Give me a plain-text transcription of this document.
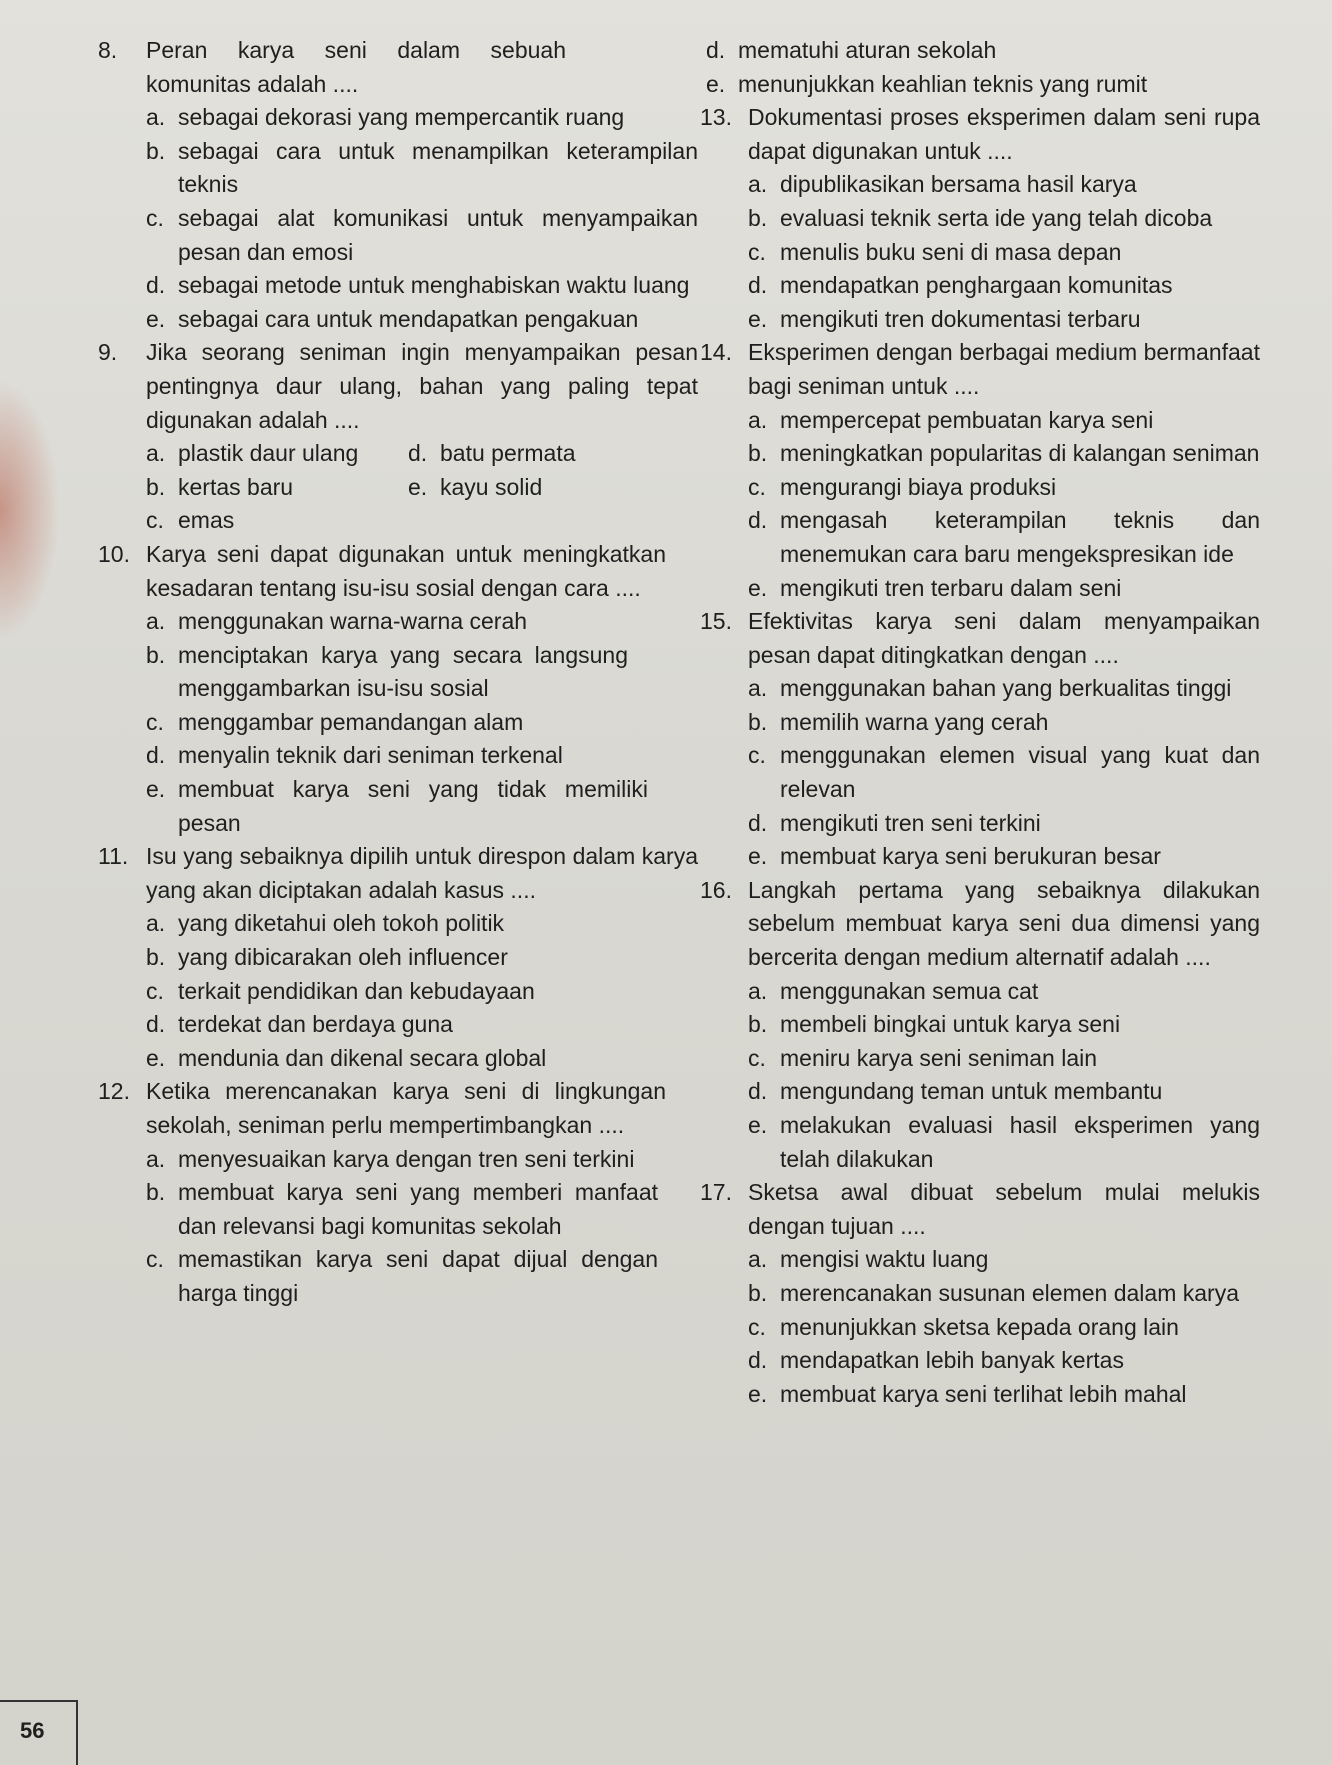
8. Peran karya seni dalam sebuah komunitas adalah ....
a. sebagai dekorasi yang mempercantik ruang
b. sebagai cara untuk menampilkan keterampilan teknis
c. sebagai alat komunikasi untuk menyampaikan pesan dan emosi
d. sebagai metode untuk menghabiskan waktu luang
e. sebagai cara untuk mendapatkan pengakuan
9. Jika seorang seniman ingin menyampaikan pesan pentingnya daur ulang, bahan yang paling tepat digunakan adalah ....
a. plastik daur ulang	d. batu permata
b. kertas baru	e. kayu solid
c. emas
10. Karya seni dapat digunakan untuk meningkatkan kesadaran tentang isu-isu sosial dengan cara ....
a. menggunakan warna-warna cerah
b. menciptakan karya yang secara langsung menggambarkan isu-isu sosial
c. menggambar pemandangan alam
d. menyalin teknik dari seniman terkenal
e. membuat karya seni yang tidak memiliki pesan
11. Isu yang sebaiknya dipilih untuk direspon dalam karya yang akan diciptakan adalah kasus ....
a. yang diketahui oleh tokoh politik
b. yang dibicarakan oleh influencer
c. terkait pendidikan dan kebudayaan
d. terdekat dan berdaya guna
e. mendunia dan dikenal secara global
12. Ketika merencanakan karya seni di lingkungan sekolah, seniman perlu mempertimbangkan ....
a. menyesuaikan karya dengan tren seni terkini
b. membuat karya seni yang memberi manfaat dan relevansi bagi komunitas sekolah
c. memastikan karya seni dapat dijual dengan harga tinggi
d. mematuhi aturan sekolah
e. menunjukkan keahlian teknis yang rumit
13. Dokumentasi proses eksperimen dalam seni rupa dapat digunakan untuk ....
a. dipublikasikan bersama hasil karya
b. evaluasi teknik serta ide yang telah dicoba
c. menulis buku seni di masa depan
d. mendapatkan penghargaan komunitas
e. mengikuti tren dokumentasi terbaru
14. Eksperimen dengan berbagai medium bermanfaat bagi seniman untuk ....
a. mempercepat pembuatan karya seni
b. meningkatkan popularitas di kalangan seniman
c. mengurangi biaya produksi
d. mengasah keterampilan teknis dan menemukan cara baru mengekspresikan ide
e. mengikuti tren terbaru dalam seni
15. Efektivitas karya seni dalam menyampaikan pesan dapat ditingkatkan dengan ....
a. menggunakan bahan yang berkualitas tinggi
b. memilih warna yang cerah
c. menggunakan elemen visual yang kuat dan relevan
d. mengikuti tren seni terkini
e. membuat karya seni berukuran besar
16. Langkah pertama yang sebaiknya dilakukan sebelum membuat karya seni dua dimensi yang bercerita dengan medium alternatif adalah ....
a. menggunakan semua cat
b. membeli bingkai untuk karya seni
c. meniru karya seni seniman lain
d. mengundang teman untuk membantu
e. melakukan evaluasi hasil eksperimen yang telah dilakukan
17. Sketsa awal dibuat sebelum mulai melukis dengan tujuan ....
a. mengisi waktu luang
b. merencanakan susunan elemen dalam karya
c. menunjukkan sketsa kepada orang lain
d. mendapatkan lebih banyak kertas
e. membuat karya seni terlihat lebih mahal
56
